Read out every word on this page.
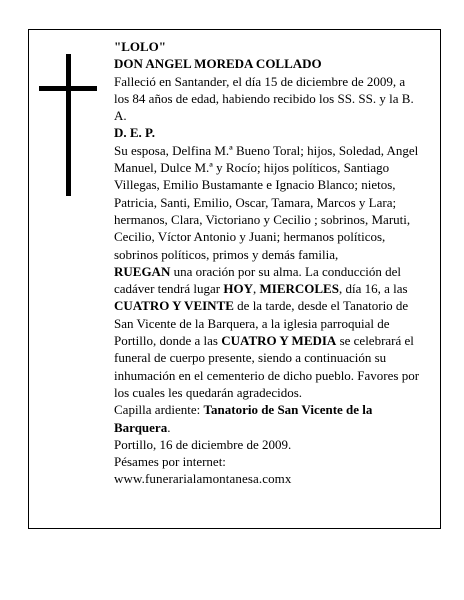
"LOLO"

DON ANGEL MOREDA COLLADO

Falleció en Santander, el día 15 de diciembre de 2009, a los 84 años de edad, habiendo recibido los SS. SS. y la B. A.

D. E. P.

Su esposa, Delfina M.ª Bueno Toral; hijos, Soledad, Angel Manuel, Dulce M.ª y Rocío; hijos políticos, Santiago Villegas, Emilio Bustamante e Ignacio Blanco; nietos, Patricia, Santi, Emilio, Oscar, Tamara, Marcos y Lara; hermanos, Clara, Victoriano y Cecilio ; sobrinos, Maruti, Cecilio, Víctor Antonio y Juani; hermanos políticos, sobrinos políticos, primos y demás familia,

RUEGAN una oración por su alma. La conducción del cadáver tendrá lugar HOY, MIERCOLES, día 16, a las CUATRO Y VEINTE de la tarde, desde el Tanatorio de San Vicente de la Barquera, a la iglesia parroquial de Portillo, donde a las CUATRO Y MEDIA se celebrará el funeral de cuerpo presente, siendo a continuación su inhumación en el cementerio de dicho pueblo. Favores por los cuales les quedarán agradecidos.

Capilla ardiente: Tanatorio de San Vicente de la Barquera.

Portillo, 16 de diciembre de 2009.

Pésames por internet:

www.funerarialamontanesa.comx
